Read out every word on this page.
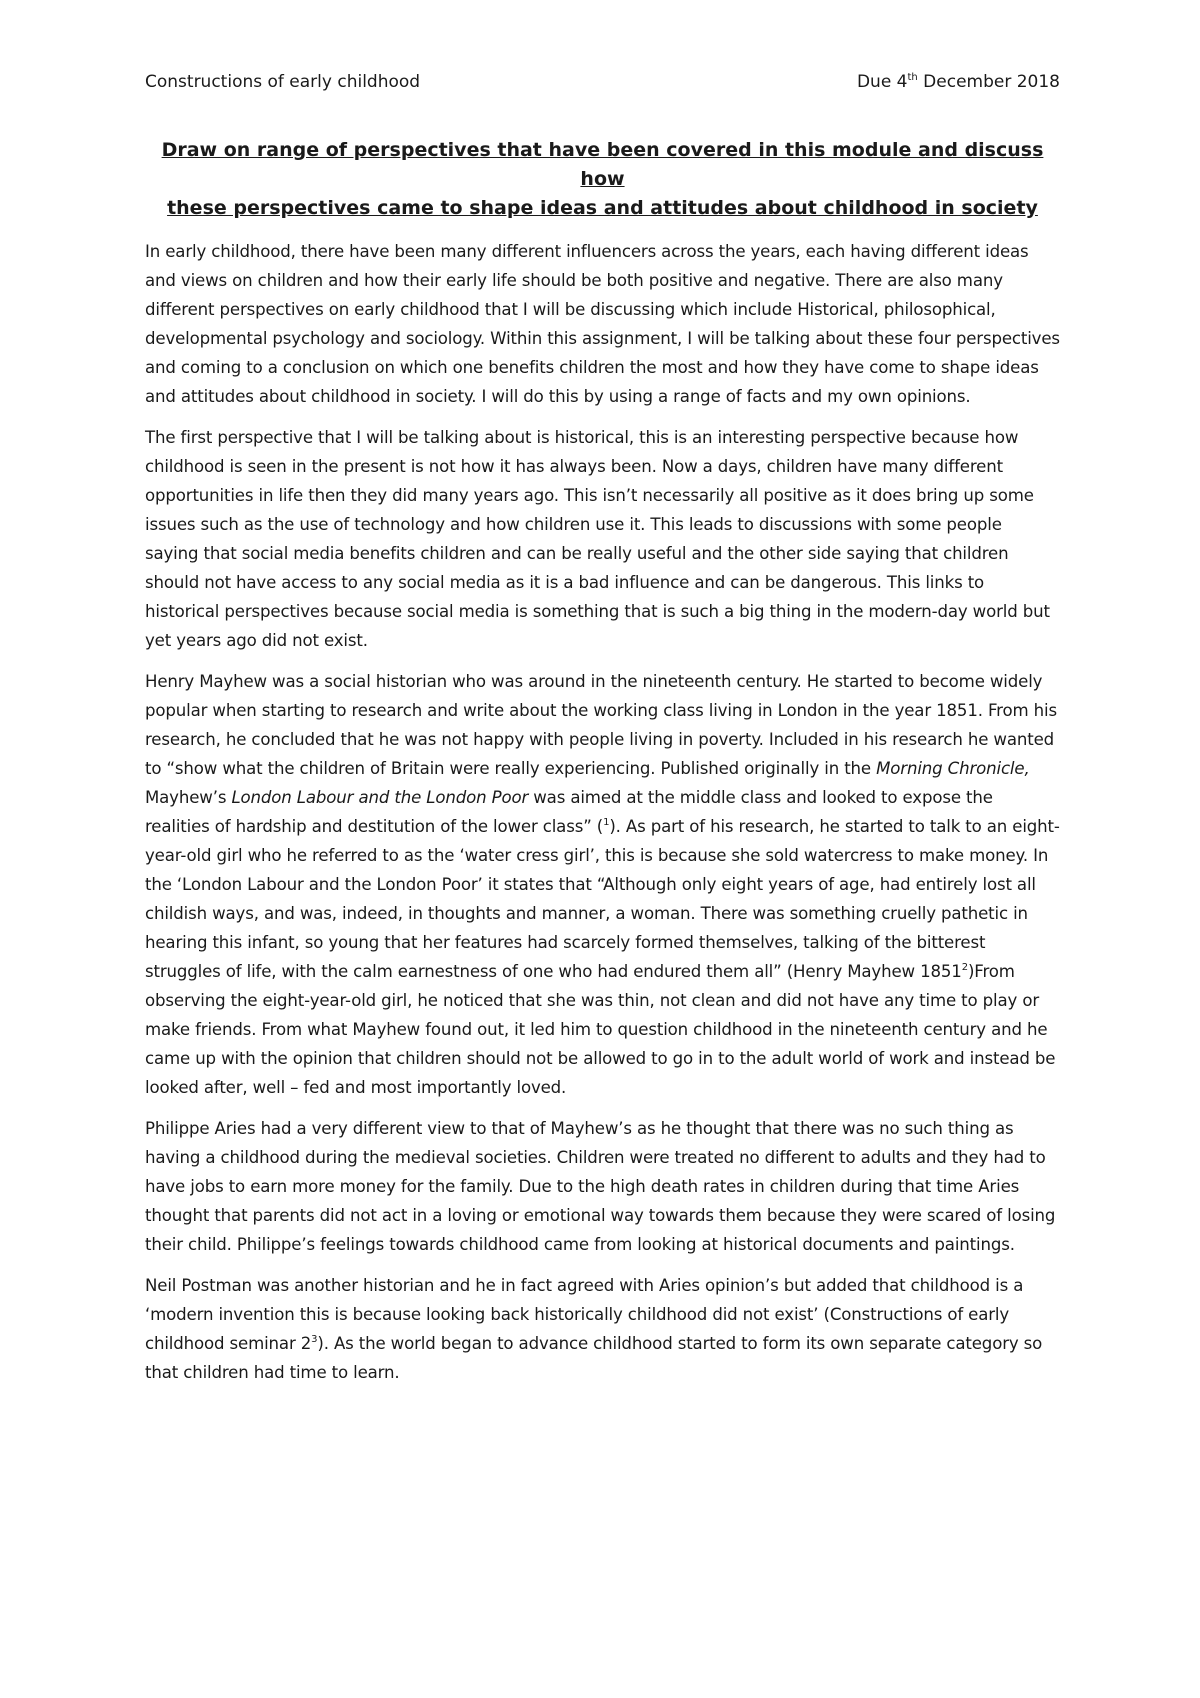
Constructions of early childhood	Due 4th December 2018
Draw on range of perspectives that have been covered in this module and discuss how
these perspectives came to shape ideas and attitudes about childhood in society

In early childhood, there have been many different influencers across the years, each having different ideas and views on children and how their early life should be both positive and negative. There are also many different perspectives on early childhood that I will be discussing which include Historical, philosophical, developmental psychology and sociology. Within this assignment, I will be talking about these four perspectives and coming to a conclusion on which one benefits children the most and how they have come to shape ideas and attitudes about childhood in society. I will do this by using a range of facts and my own opinions.

The first perspective that I will be talking about is historical, this is an interesting perspective because how childhood is seen in the present is not how it has always been. Now a days, children have many different opportunities in life then they did many years ago. This isn’t necessarily all positive as it does bring up some issues such as the use of technology and how children use it. This leads to discussions with some people saying that social media benefits children and can be really useful and the other side saying that children should not have access to any social media as it is a bad influence and can be dangerous. This links to historical perspectives because social media is something that is such a big thing in the modern-day world but yet years ago did not exist.

Henry Mayhew was a social historian who was around in the nineteenth century. He started to become widely popular when starting to research and write about the working class living in London in the year 1851. From his research, he concluded that he was not happy with people living in poverty. Included in his research he wanted to “show what the children of Britain were really experiencing. Published originally in the Morning Chronicle, Mayhew’s London Labour and the London Poor was aimed at the middle class and looked to expose the realities of hardship and destitution of the lower class” ($^1$). As part of his research, he started to talk to an eight-year-old girl who he referred to as the ‘water cress girl’, this is because she sold watercress to make money. In the ‘London Labour and the London Poor’ it states that “Although only eight years of age, had entirely lost all childish ways, and was, indeed, in thoughts and manner, a woman. There was something cruelly pathetic in hearing this infant, so young that her features had scarcely formed themselves, talking of the bitterest struggles of life, with the calm earnestness of one who had endured them all” (Henry Mayhew 1851$^2$)From observing the eight-year-old girl, he noticed that she was thin, not clean and did not have any time to play or make friends. From what Mayhew found out, it led him to question childhood in the nineteenth century and he came up with the opinion that children should not be allowed to go in to the adult world of work and instead be looked after, well – fed and most importantly loved.

Philippe Aries had a very different view to that of Mayhew’s as he thought that there was no such thing as having a childhood during the medieval societies. Children were treated no different to adults and they had to have jobs to earn more money for the family. Due to the high death rates in children during that time Aries thought that parents did not act in a loving or emotional way towards them because they were scared of losing their child. Philippe’s feelings towards childhood came from looking at historical documents and paintings.

Neil Postman was another historian and he in fact agreed with Aries opinion’s but added that childhood is a ‘modern invention this is because looking back historically childhood did not exist’ (Constructions of early childhood seminar $2^3$). As the world began to advance childhood started to form its own separate category so that children had time to learn.
